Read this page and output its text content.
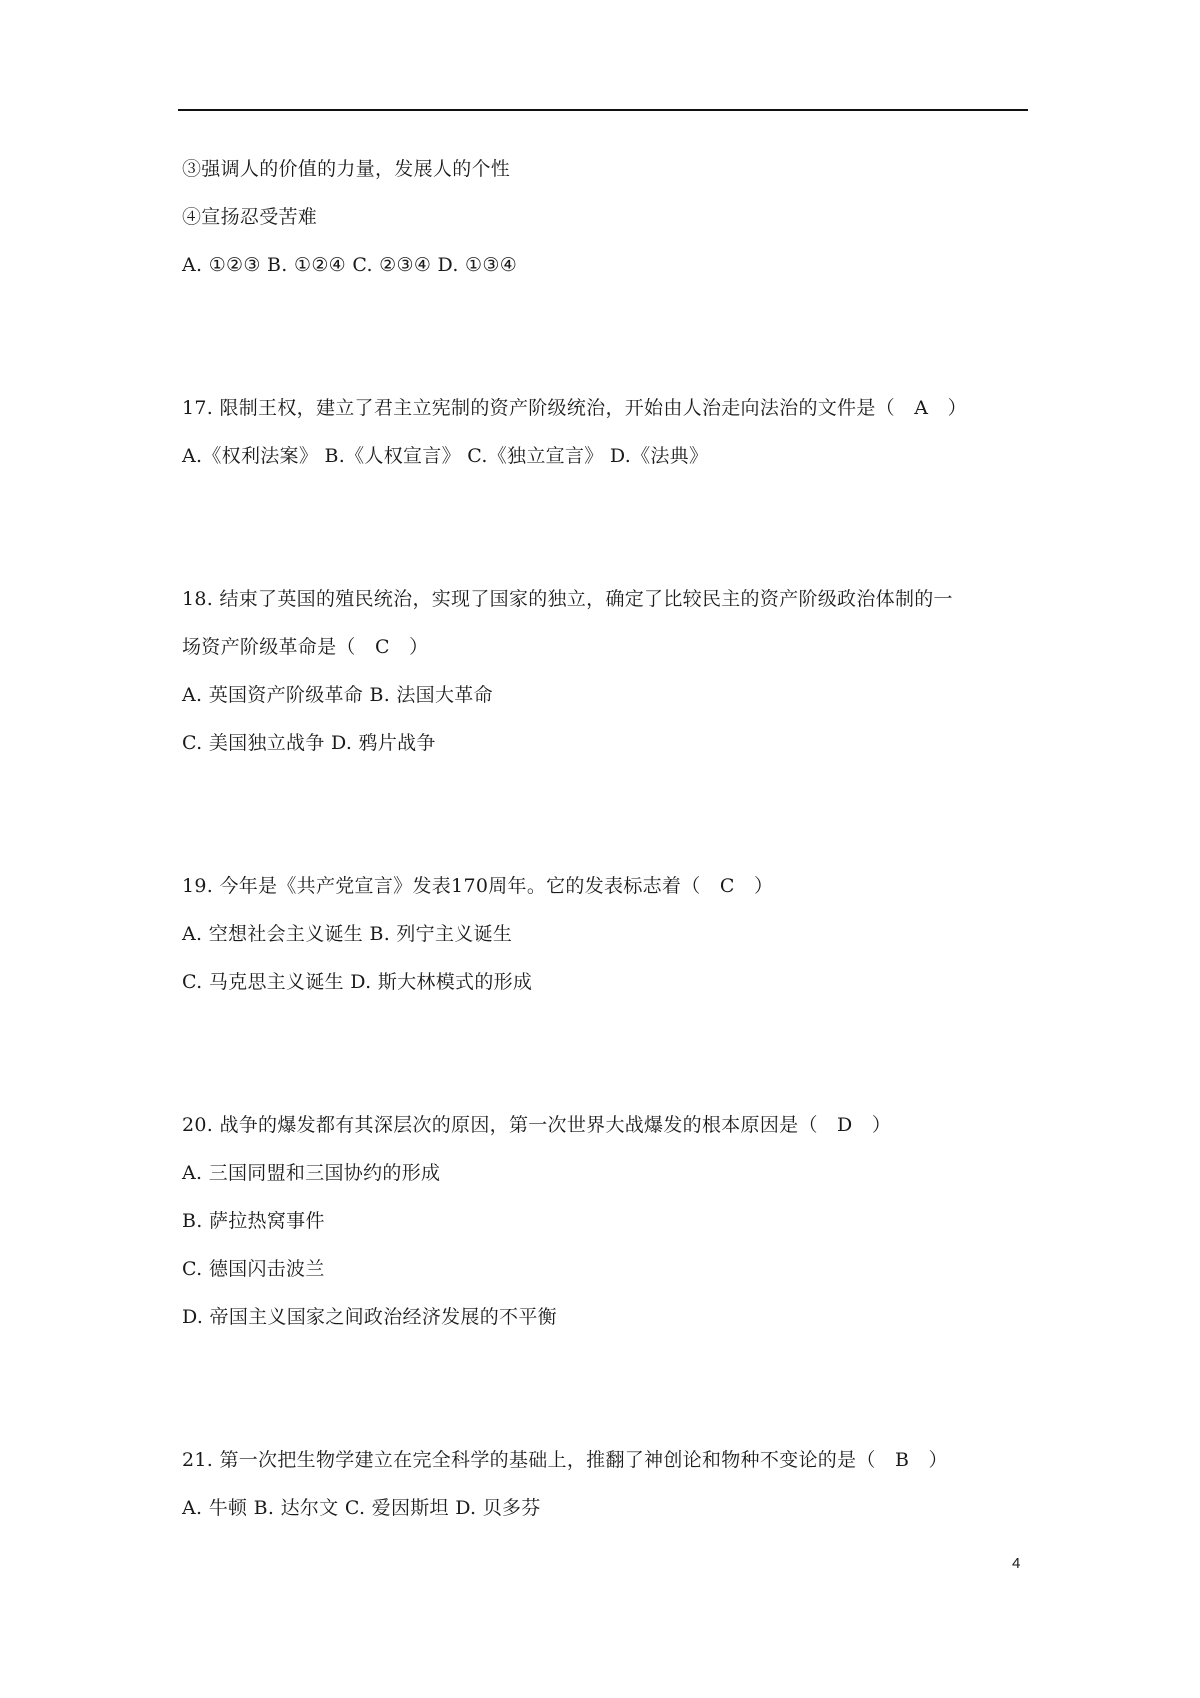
③强调人的价值的力量，发展人的个性
④宣扬忍受苦难
A. ①②③ B. ①②④ C. ②③④ D. ①③④
17. 限制王权，建立了君主立宪制的资产阶级统治，开始由人治走向法治的文件是（　A　）
A.《权利法案》 B.《人权宣言》 C.《独立宣言》 D.《法典》
18. 结束了英国的殖民统治，实现了国家的独立，确定了比较民主的资产阶级政治体制的一
场资产阶级革命是（　C　）
A. 英国资产阶级革命 B. 法国大革命
C. 美国独立战争 D. 鸦片战争
19. 今年是《共产党宣言》发表170周年。它的发表标志着（　C　）
A. 空想社会主义诞生 B. 列宁主义诞生
C. 马克思主义诞生 D. 斯大林模式的形成
20. 战争的爆发都有其深层次的原因，第一次世界大战爆发的根本原因是（　D　）
A. 三国同盟和三国协约的形成
B. 萨拉热窝事件
C. 德国闪击波兰
D. 帝国主义国家之间政治经济发展的不平衡
21. 第一次把生物学建立在完全科学的基础上，推翻了神创论和物种不变论的是（　B　）
A. 牛顿 B. 达尔文 C. 爱因斯坦 D. 贝多芬
4
